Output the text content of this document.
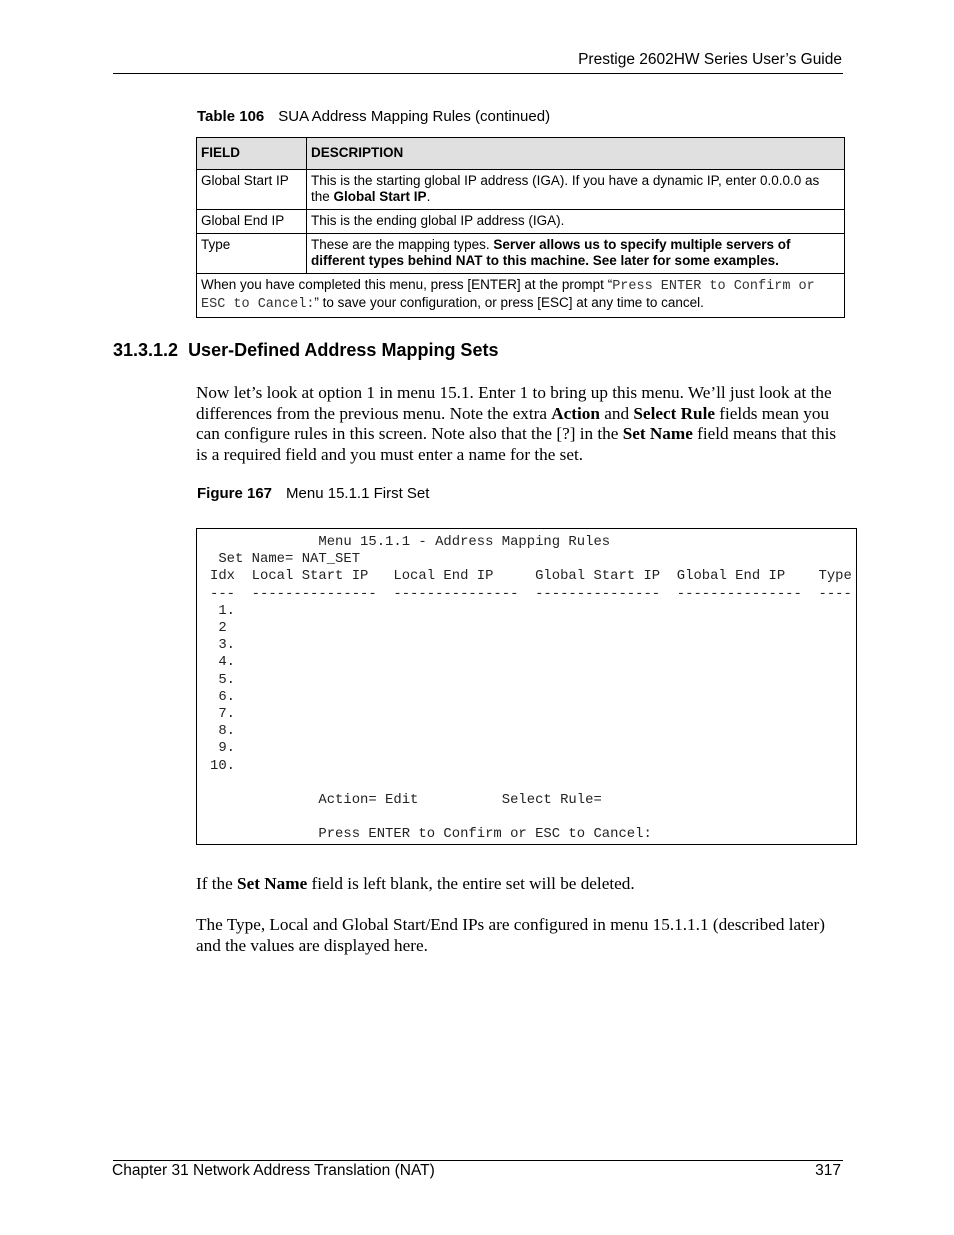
Prestige 2602HW Series User’s Guide
Table 106 SUA Address Mapping Rules (continued)
FIELD	DESCRIPTION
Global Start IP	This is the starting global IP address (IGA). If you have a dynamic IP, enter 0.0.0.0 as the Global Start IP.
Global End IP	This is the ending global IP address (IGA).
Type	These are the mapping types. Server allows us to specify multiple servers of different types behind NAT to this machine. See later for some examples.
When you have completed this menu, press [ENTER] at the prompt “Press ENTER to Confirm or ESC to Cancel:” to save your configuration, or press [ESC] at any time to cancel.	
31.3.1.2 User-Defined Address Mapping Sets
Now let’s look at option 1 in menu 15.1. Enter 1 to bring up this menu. We’ll just look at the differences from the previous menu. Note the extra Action and Select Rule fields mean you can configure rules in this screen. Note also that the [?] in the Set Name field means that this is a required field and you must enter a name for the set.
Figure 167 Menu 15.1.1 First Set
Menu 15.1.1 - Address Mapping Rules
Set Name= NAT_SET
Idx  Local Start IP   Local End IP     Global Start IP  Global End IP    Type
---  ---------------  ---------------  ---------------  ---------------  ----
1.
2
3.
4.
5.
6.
7.
8.
9.
10.

Action= Edit          Select Rule=

Press ENTER to Confirm or ESC to Cancel:
If the Set Name field is left blank, the entire set will be deleted.
The Type, Local and Global Start/End IPs are configured in menu 15.1.1.1 (described later) and the values are displayed here.
Chapter 31 Network Address Translation (NAT)	317
